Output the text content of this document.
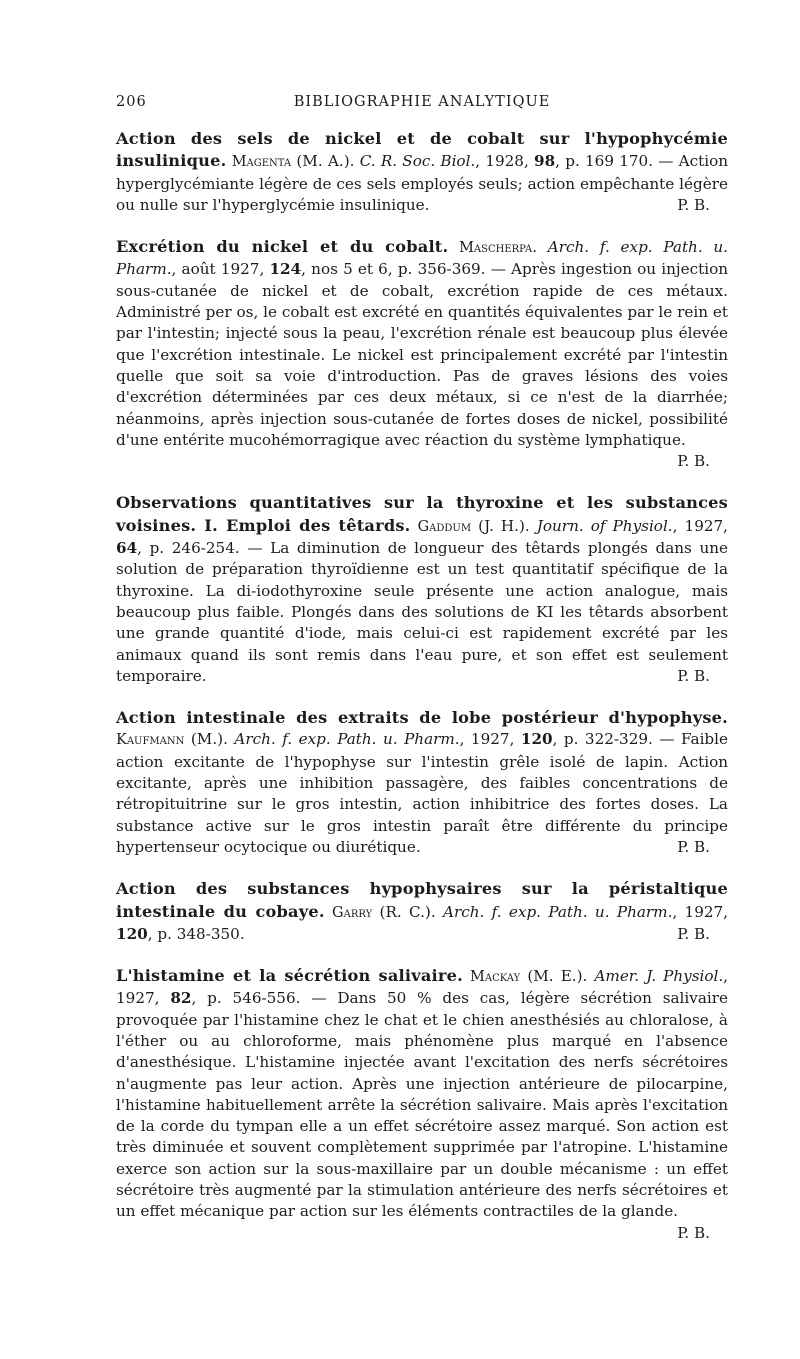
206	BIBLIOGRAPHIE ANALYTIQUE

Action des sels de nickel et de cobalt sur l'hypophycémie insulinique. Magenta (M. A.). C. R. Soc. Biol., 1928, 98, p. 169 170. — Action hyperglycémiante légère de ces sels employés seuls; action empêchante légère ou nulle sur l'hyperglycémie insulinique.	P. B.

Excrétion du nickel et du cobalt. Mascherpa. Arch. f. exp. Path. u. Pharm., août 1927, 124, nos 5 et 6, p. 356-369. — Après ingestion ou injection sous-cutanée de nickel et de cobalt, excrétion rapide de ces métaux. Administré per os, le cobalt est excrété en quantités équivalentes par le rein et par l'intestin; injecté sous la peau, l'excrétion rénale est beaucoup plus élevée que l'excrétion intestinale. Le nickel est principalement excrété par l'intestin quelle que soit sa voie d'introduction. Pas de graves lésions des voies d'excrétion déterminées par ces deux métaux, si ce n'est de la diarrhée; néanmoins, après injection sous-cutanée de fortes doses de nickel, possibilité d'une entérite mucohémorragique avec réaction du système lymphatique.
P. B.

Observations quantitatives sur la thyroxine et les substances voisines. I. Emploi des têtards. Gaddum (J. H.). Journ. of Physiol., 1927, 64, p. 246-254. — La diminution de longueur des têtards plongés dans une solution de préparation thyroïdienne est un test quantitatif spécifique de la thyroxine. La di-iodothyroxine seule présente une action analogue, mais beaucoup plus faible. Plongés dans des solutions de KI les têtards absorbent une grande quantité d'iode, mais celui-ci est rapidement excrété par les animaux quand ils sont remis dans l'eau pure, et son effet est seulement temporaire.	P. B.

Action intestinale des extraits de lobe postérieur d'hypophyse. Kaufmann (M.). Arch. f. exp. Path. u. Pharm., 1927, 120, p. 322-329. — Faible action excitante de l'hypophyse sur l'intestin grêle isolé de lapin. Action excitante, après une inhibition passagère, des faibles concentrations de rétropituitrine sur le gros intestin, action inhibitrice des fortes doses. La substance active sur le gros intestin paraît être différente du principe hypertenseur ocytocique ou diurétique.	P. B.

Action des substances hypophysaires sur la péristaltique intestinale du cobaye. Garry (R. C.). Arch. f. exp. Path. u. Pharm., 1927, 120, p. 348-350.	P. B.

L'histamine et la sécrétion salivaire. Mackay (M. E.). Amer. J. Physiol., 1927, 82, p. 546-556. — Dans 50 % des cas, légère sécrétion salivaire provoquée par l'histamine chez le chat et le chien anesthésiés au chloralose, à l'éther ou au chloroforme, mais phénomène plus marqué en l'absence d'anesthésique. L'histamine injectée avant l'excitation des nerfs sécrétoires n'augmente pas leur action. Après une injection antérieure de pilocarpine, l'histamine habituellement arrête la sécrétion salivaire. Mais après l'excitation de la corde du tympan elle a un effet sécrétoire assez marqué. Son action est très diminuée et souvent complètement supprimée par l'atropine. L'histamine exerce son action sur la sous-maxillaire par un double mécanisme : un effet sécrétoire très augmenté par la stimulation antérieure des nerfs sécrétoires et un effet mécanique par action sur les éléments contractiles de la glande.
P. B.
